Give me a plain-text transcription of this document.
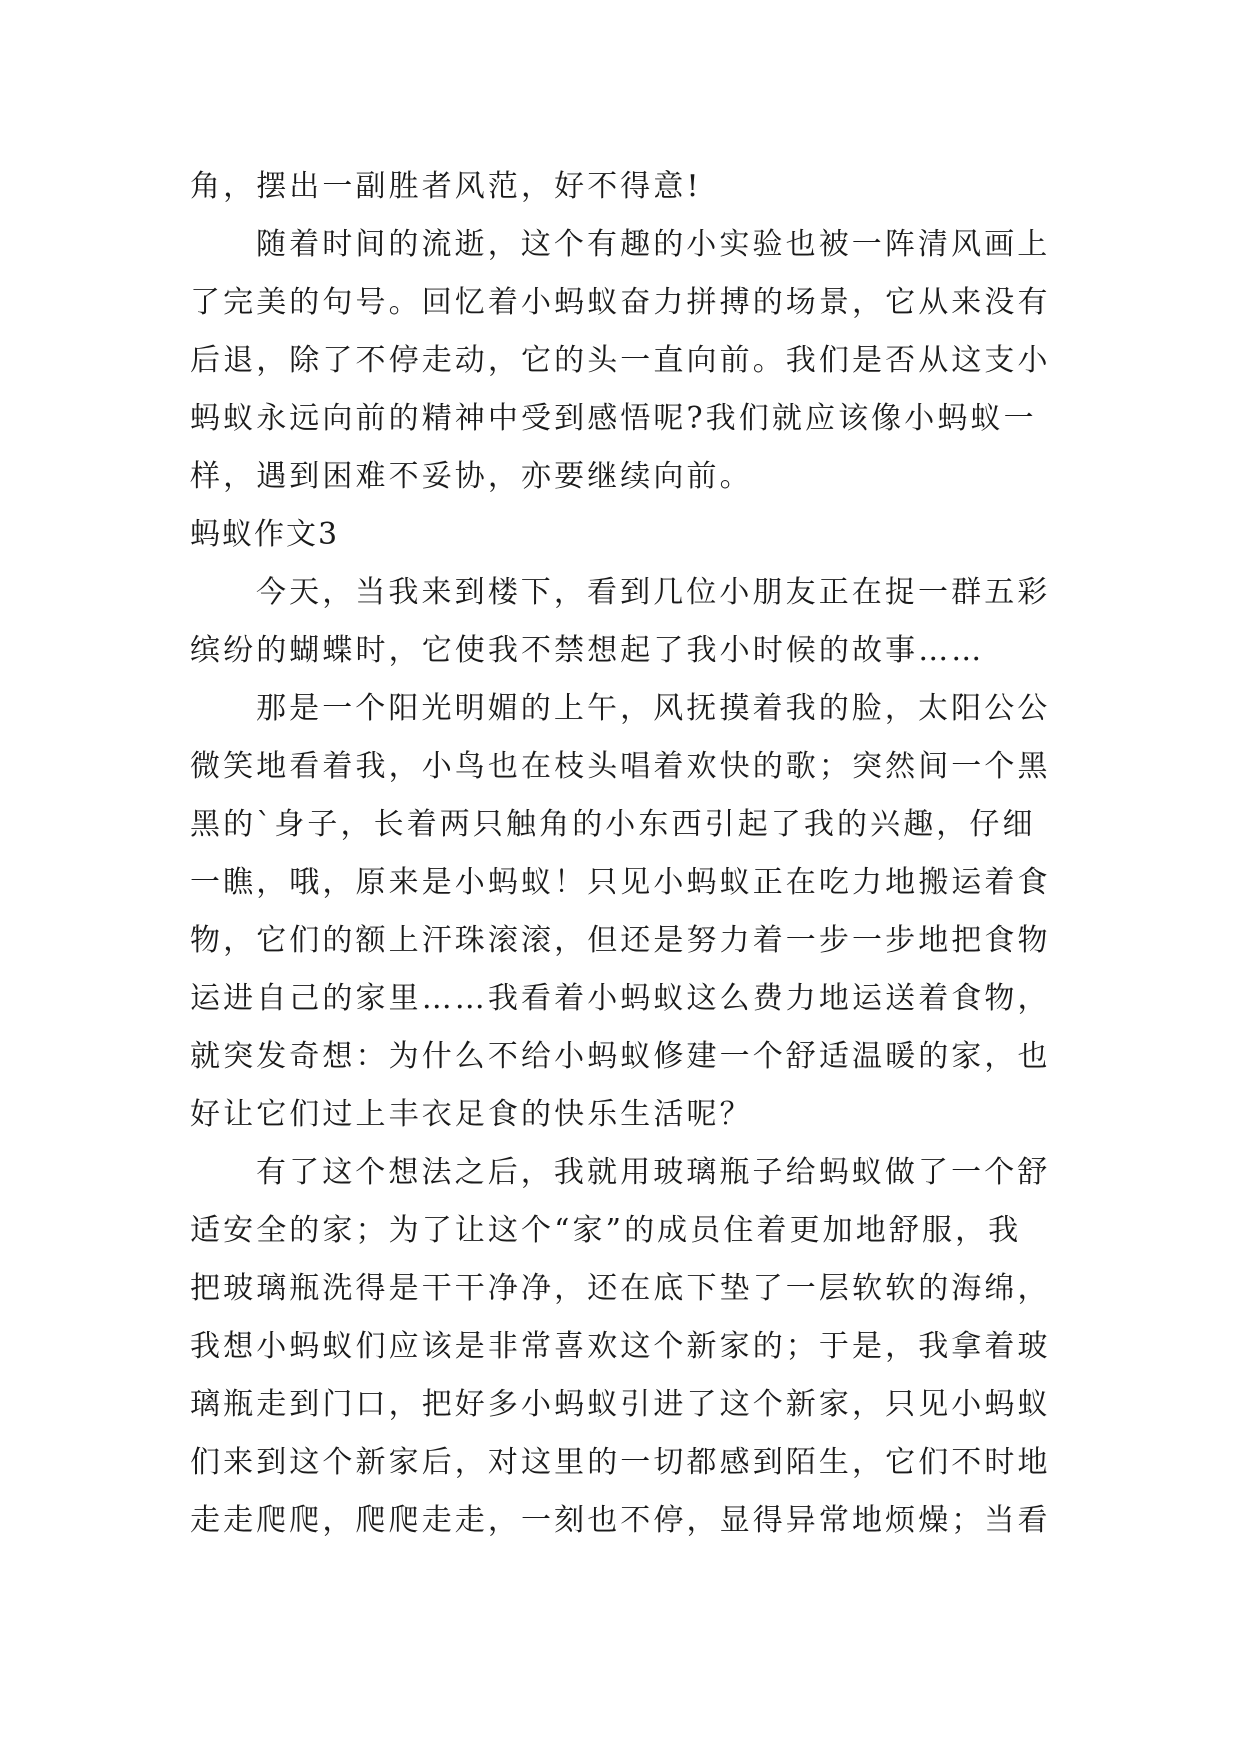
角，摆出一副胜者风范，好不得意!
随着时间的流逝，这个有趣的小实验也被一阵清风画上
了完美的句号。回忆着小蚂蚁奋力拼搏的场景，它从来没有
后退，除了不停走动，它的头一直向前。我们是否从这支小
蚂蚁永远向前的精神中受到感悟呢?我们就应该像小蚂蚁一
样，遇到困难不妥协，亦要继续向前。
蚂蚁作文3
今天，当我来到楼下，看到几位小朋友正在捉一群五彩
缤纷的蝴蝶时，它使我不禁想起了我小时候的故事……
那是一个阳光明媚的上午，风抚摸着我的脸，太阳公公
微笑地看着我，小鸟也在枝头唱着欢快的歌；突然间一个黑
黑的`身子，长着两只触角的小东西引起了我的兴趣，仔细
一瞧，哦，原来是小蚂蚁！只见小蚂蚁正在吃力地搬运着食
物，它们的额上汗珠滚滚，但还是努力着一步一步地把食物
运进自己的家里……我看着小蚂蚁这么费力地运送着食物，
就突发奇想：为什么不给小蚂蚁修建一个舒适温暖的家，也
好让它们过上丰衣足食的快乐生活呢？
有了这个想法之后，我就用玻璃瓶子给蚂蚁做了一个舒
适安全的家；为了让这个“家”的成员住着更加地舒服，我
把玻璃瓶洗得是干干净净，还在底下垫了一层软软的海绵，
我想小蚂蚁们应该是非常喜欢这个新家的；于是，我拿着玻
璃瓶走到门口，把好多小蚂蚁引进了这个新家，只见小蚂蚁
们来到这个新家后，对这里的一切都感到陌生，它们不时地
走走爬爬，爬爬走走，一刻也不停，显得异常地烦燥；当看
